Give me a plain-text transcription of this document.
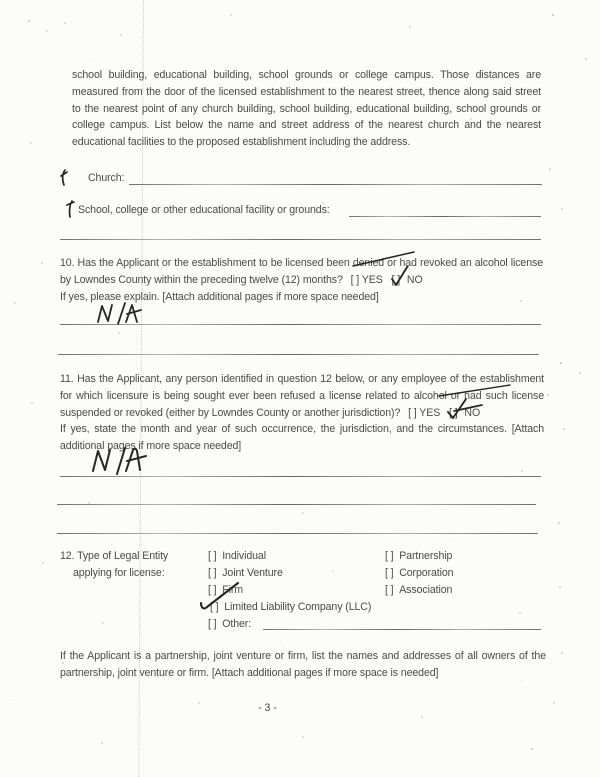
school building, educational building, school grounds or college campus. Those distances are measured from the door of the licensed establishment to the nearest street, thence along said street to the nearest point of any church building, school building, educational building, school grounds or college campus. List below the name and street address of the nearest church and the nearest educational facilities to the proposed establishment including the address.
Church:
School, college or other educational facility or grounds:
10. Has the Applicant or the establishment to be licensed been denied or had revoked an alcohol license by Lowndes County within the preceding twelve (12) months? [ ] YES [ ] NO
If yes, please explain. [Attach additional pages if more space needed]
11. Has the Applicant, any person identified in question 12 below, or any employee of the establishment for which licensure is being sought ever been refused a license related to alcohol or had such license suspended or revoked (either by Lowndes County or another jurisdiction)? [ ] YES [ ] NO
If yes, state the month and year of such occurrence, the jurisdiction, and the circumstances. [Attach additional pages if more space needed]
12. Type of Legal Entity
applying for license:
[ ] Individual
[ ] Joint Venture
[ ] Firm
[ ] Limited Liability Company (LLC)
[ ] Other:
[ ] Partnership
[ ] Corporation
[ ] Association
If the Applicant is a partnership, joint venture or firm, list the names and addresses of all owners of the partnership, joint venture or firm. [Attach additional pages if more space is needed]
- 3 -
